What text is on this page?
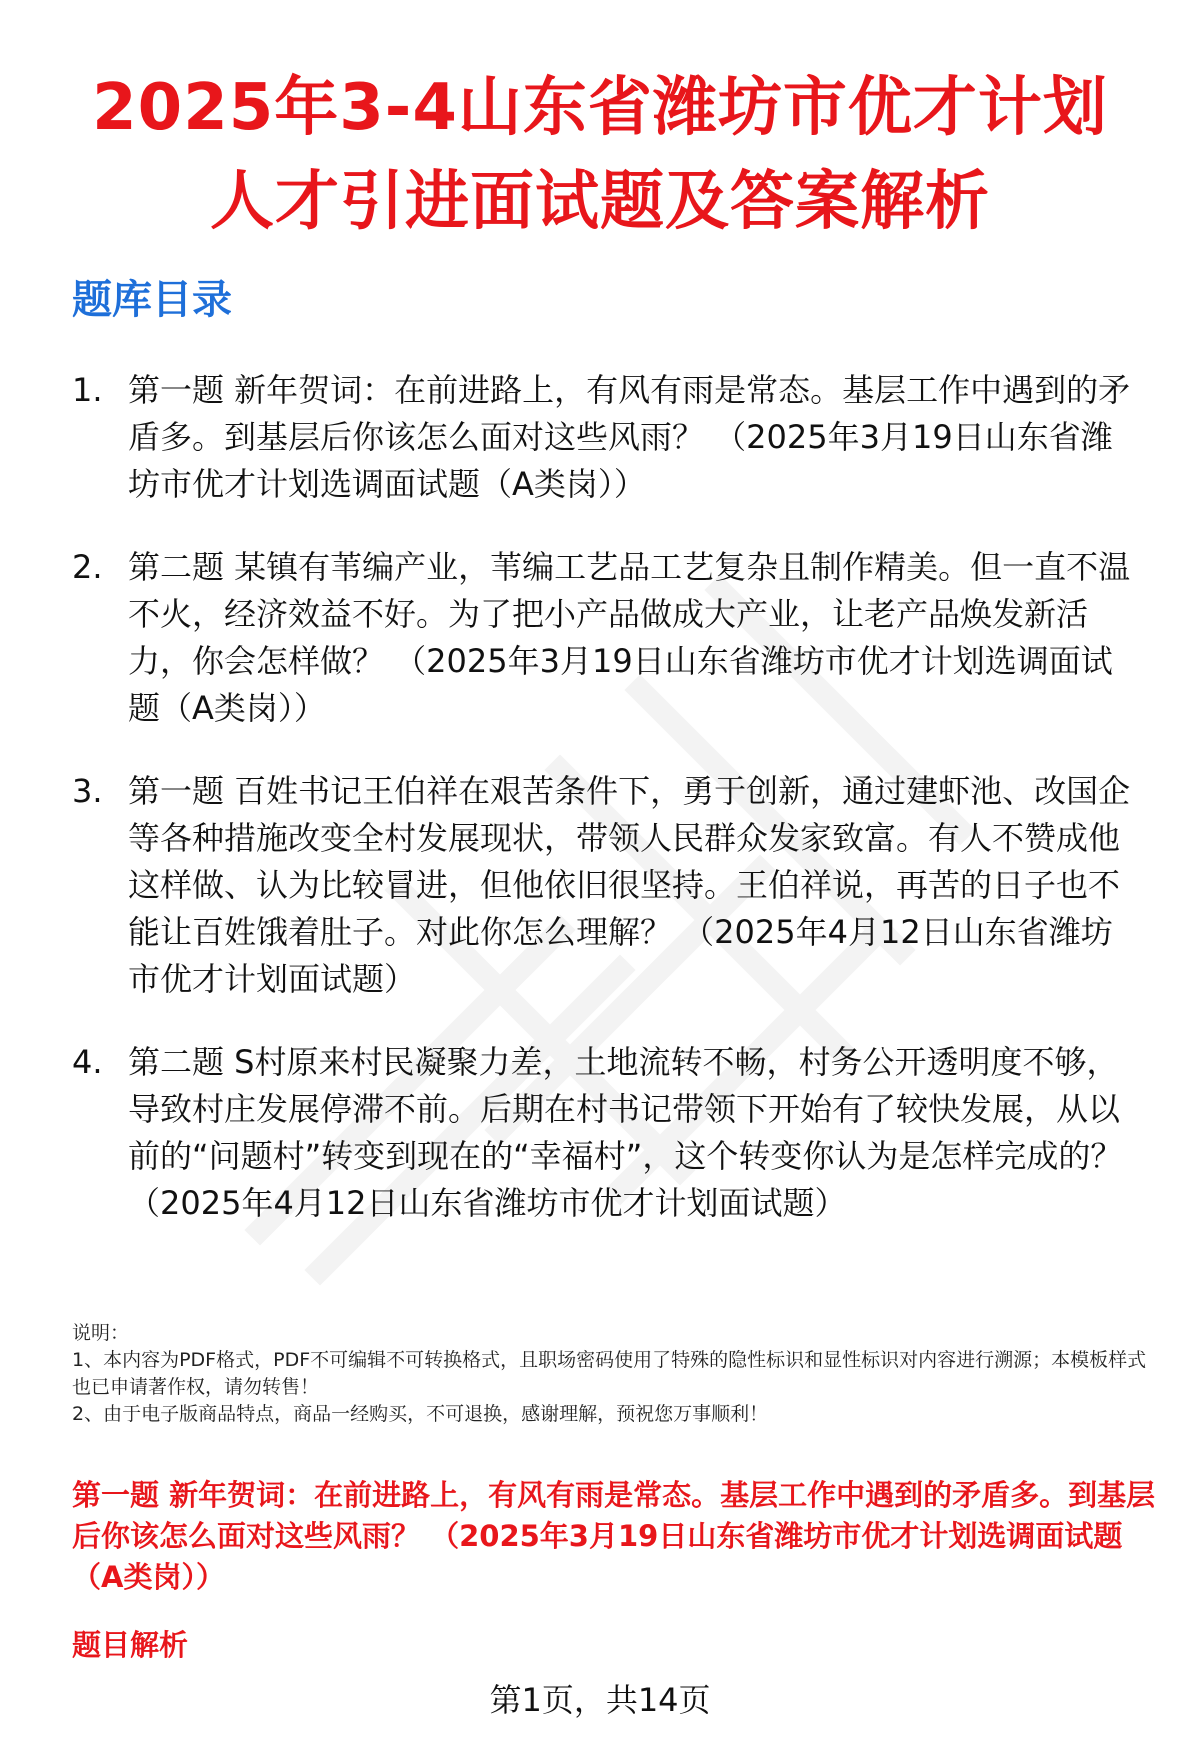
2025年3-4山东省潍坊市优才计划
人才引进面试题及答案解析
题库目录
1. 第一题 新年贺词：在前进路上，有风有雨是常态。基层工作中遇到的矛盾多。到基层后你该怎么面对这些风雨？ （2025年3月19日山东省潍坊市优才计划选调面试题（A类岗））
2. 第二题 某镇有苇编产业，苇编工艺品工艺复杂且制作精美。但一直不温不火，经济效益不好。为了把小产品做成大产业，让老产品焕发新活力，你会怎样做？ （2025年3月19日山东省潍坊市优才计划选调面试题（A类岗））
3. 第一题 百姓书记王伯祥在艰苦条件下，勇于创新，通过建虾池、改国企等各种措施改变全村发展现状，带领人民群众发家致富。有人不赞成他这样做、认为比较冒进，但他依旧很坚持。王伯祥说，再苦的日子也不能让百姓饿着肚子。对此你怎么理解？ （2025年4月12日山东省潍坊市优才计划面试题）
4. 第二题 S村原来村民凝聚力差，土地流转不畅，村务公开透明度不够，导致村庄发展停滞不前。后期在村书记带领下开始有了较快发展，从以前的“问题村”转变到现在的“幸福村”，这个转变你认为是怎样完成的？ （2025年4月12日山东省潍坊市优才计划面试题）
说明：
1、本内容为PDF格式，PDF不可编辑不可转换格式，且职场密码使用了特殊的隐性标识和显性标识对内容进行溯源；本模板样式也已申请著作权，请勿转售！
2、由于电子版商品特点，商品一经购买，不可退换，感谢理解，预祝您万事顺利！
第一题 新年贺词：在前进路上，有风有雨是常态。基层工作中遇到的矛盾多。到基层后你该怎么面对这些风雨？ （2025年3月19日山东省潍坊市优才计划选调面试题（A类岗））
题目解析
第1页，共14页
